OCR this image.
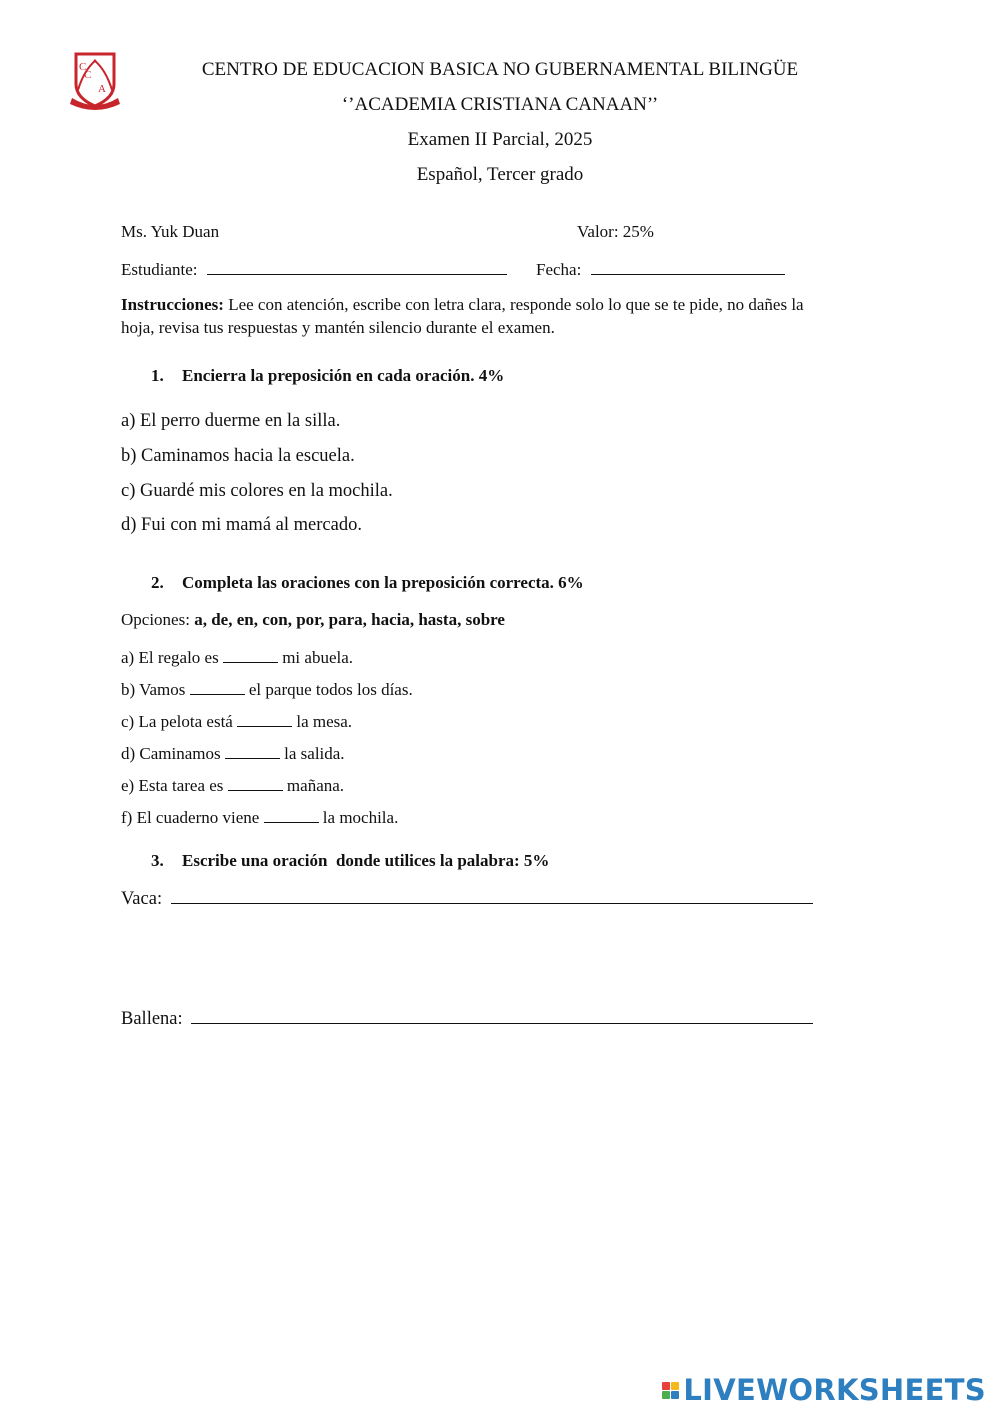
C
C
A
CENTRO DE EDUCACION BASICA NO GUBERNAMENTAL BILINGÜE
‘’ACADEMIA CRISTIANA CANAAN’’
Examen II Parcial, 2025
Español, Tercer grado
Ms. Yuk Duan	Valor: 25%
Estudiante:	Fecha:
Instrucciones: Lee con atención, escribe con letra clara, responde solo lo que se te pide, no dañes la
hoja, revisa tus respuestas y mantén silencio durante el examen.
1. Encierra la preposición en cada oración. 4%
a) El perro duerme en la silla.
b) Caminamos hacia la escuela.
c) Guardé mis colores en la mochila.
d) Fui con mi mamá al mercado.
2. Completa las oraciones con la preposición correcta. 6%
Opciones: a, de, en, con, por, para, hacia, hasta, sobre
a) El regalo es	mi abuela.
b) Vamos	el parque todos los días.
c) La pelota está	la mesa.
d) Caminamos	la salida.
e) Esta tarea es	mañana.
f) El cuaderno viene	la mochila.
3. Escribe una oración  donde utilices la palabra: 5%
Vaca:
Ballena:
LIVEWORKSHEETS
